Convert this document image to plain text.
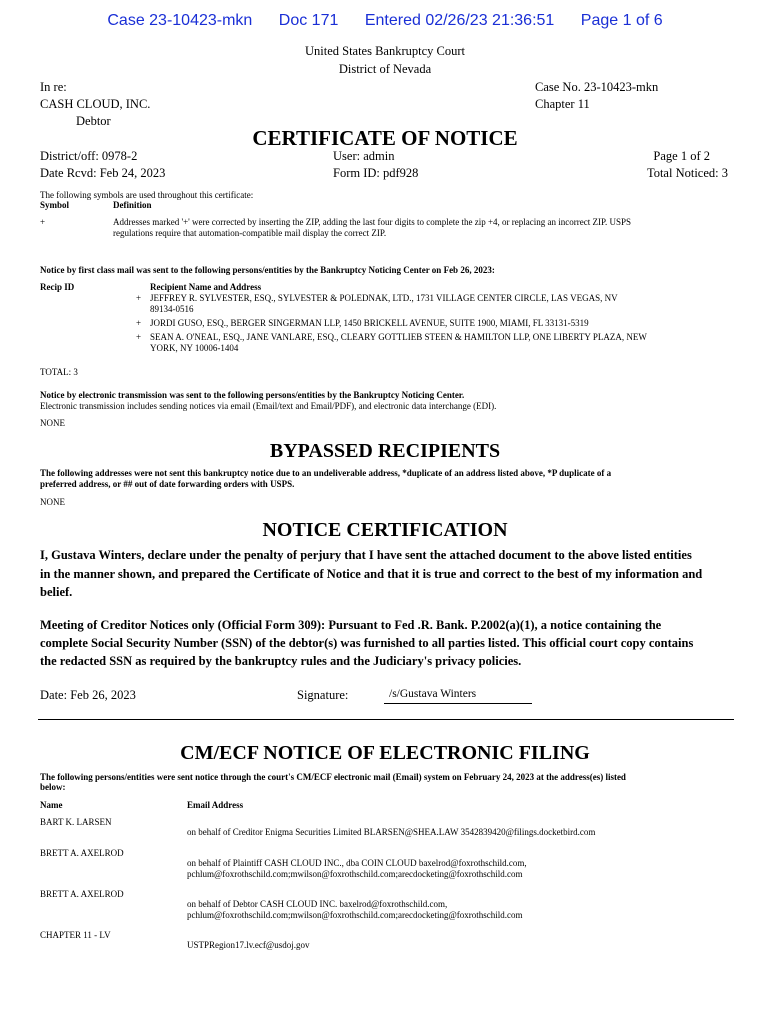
Case 23-10423-mkn Doc 171 Entered 02/26/23 21:36:51 Page 1 of 6
United States Bankruptcy Court
District of Nevada
In re:
CASH CLOUD, INC.
Debtor
Case No. 23-10423-mkn
Chapter 11
CERTIFICATE OF NOTICE
District/off: 0978-2
Date Rcvd: Feb 24, 2023
User: admin
Form ID: pdf928
Page 1 of 2
Total Noticed: 3
The following symbols are used throughout this certificate:
Symbol	Definition
+	Addresses marked '+' were corrected by inserting the ZIP, adding the last four digits to complete the zip +4, or replacing an incorrect ZIP. USPS
regulations require that automation-compatible mail display the correct ZIP.
Notice by first class mail was sent to the following persons/entities by the Bankruptcy Noticing Center on Feb 26, 2023:
Recip ID	Recipient Name and Address
+ JEFFREY R. SYLVESTER, ESQ., SYLVESTER & POLEDNAK, LTD., 1731 VILLAGE CENTER CIRCLE, LAS VEGAS, NV
89134-0516
+ JORDI GUSO, ESQ., BERGER SINGERMAN LLP, 1450 BRICKELL AVENUE, SUITE 1900, MIAMI, FL 33131-5319
+ SEAN A. O'NEAL, ESQ., JANE VANLARE, ESQ., CLEARY GOTTLIEB STEEN & HAMILTON LLP, ONE LIBERTY PLAZA, NEW
YORK, NY 10006-1404
TOTAL: 3
Notice by electronic transmission was sent to the following persons/entities by the Bankruptcy Noticing Center.
Electronic transmission includes sending notices via email (Email/text and Email/PDF), and electronic data interchange (EDI).
NONE
BYPASSED RECIPIENTS
The following addresses were not sent this bankruptcy notice due to an undeliverable address, *duplicate of an address listed above, *P duplicate of a
preferred address, or ## out of date forwarding orders with USPS.
NONE
NOTICE CERTIFICATION
I, Gustava Winters, declare under the penalty of perjury that I have sent the attached document to the above listed entities
in the manner shown, and prepared the Certificate of Notice and that it is true and correct to the best of my information and
belief.
Meeting of Creditor Notices only (Official Form 309): Pursuant to Fed .R. Bank. P.2002(a)(1), a notice containing the
complete Social Security Number (SSN) of the debtor(s) was furnished to all parties listed. This official court copy contains
the redacted SSN as required by the bankruptcy rules and the Judiciary's privacy policies.
Date: Feb 26, 2023	Signature:	/s/Gustava Winters
CM/ECF NOTICE OF ELECTRONIC FILING
The following persons/entities were sent notice through the court's CM/ECF electronic mail (Email) system on February 24, 2023 at the address(es) listed
below:
Name	Email Address
BART K. LARSEN
on behalf of Creditor Enigma Securities Limited BLARSEN@SHEA.LAW 3542839420@filings.docketbird.com
BRETT A. AXELROD
on behalf of Plaintiff CASH CLOUD INC., dba COIN CLOUD baxelrod@foxrothschild.com,
pchlum@foxrothschild.com;mwilson@foxrothschild.com;arecdocketing@foxrothschild.com
BRETT A. AXELROD
on behalf of Debtor CASH CLOUD INC. baxelrod@foxrothschild.com,
pchlum@foxrothschild.com;mwilson@foxrothschild.com;arecdocketing@foxrothschild.com
CHAPTER 11 - LV
USTPRegion17.lv.ecf@usdoj.gov
